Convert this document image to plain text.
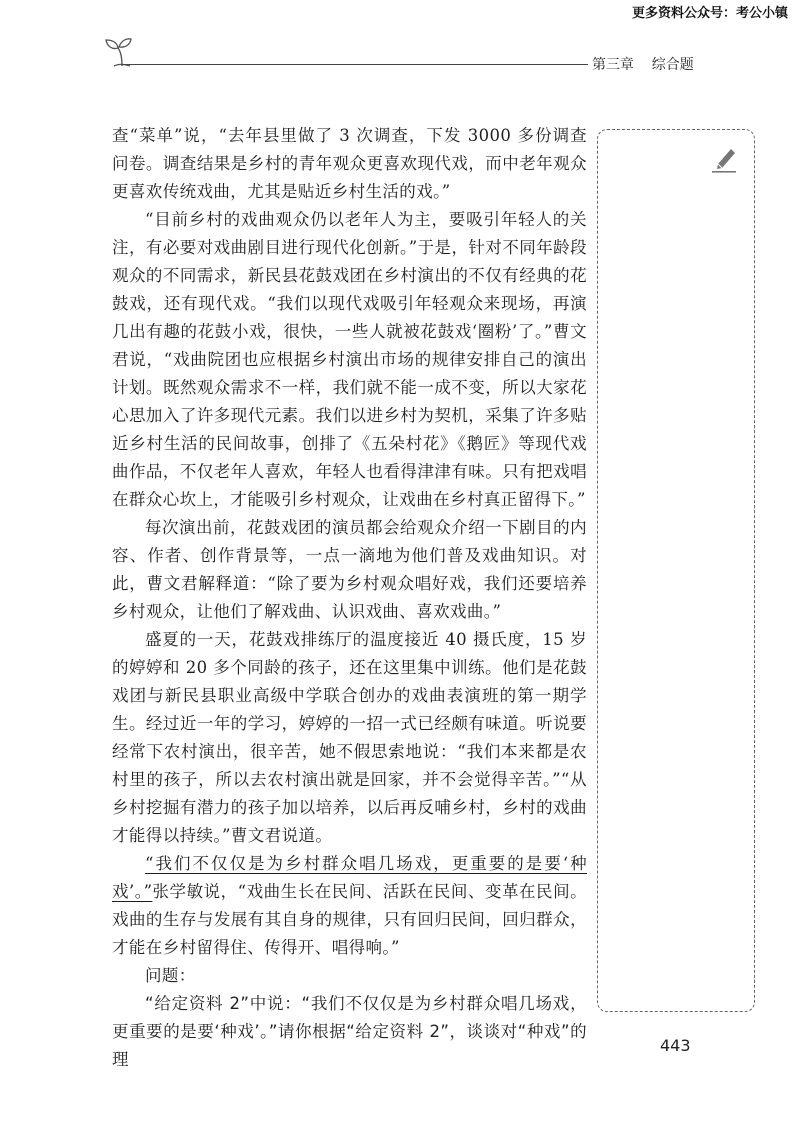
更多资料公众号：考公小镇
第三章    综合题

查“菜单”说，“去年县里做了 3 次调查，下发 3000 多份调查问卷。调查结果是乡村的青年观众更喜欢现代戏，而中老年观众更喜欢传统戏曲，尤其是贴近乡村生活的戏。”

“目前乡村的戏曲观众仍以老年人为主，要吸引年轻人的关注，有必要对戏曲剧目进行现代化创新。”于是，针对不同年龄段观众的不同需求，新民县花鼓戏团在乡村演出的不仅有经典的花鼓戏，还有现代戏。“我们以现代戏吸引年轻观众来现场，再演几出有趣的花鼓小戏，很快，一些人就被花鼓戏‘圈粉’了。”曹文君说，“戏曲院团也应根据乡村演出市场的规律安排自己的演出计划。既然观众需求不一样，我们就不能一成不变，所以大家花心思加入了许多现代元素。我们以进乡村为契机，采集了许多贴近乡村生活的民间故事，创排了《五朵村花》《鹅匠》等现代戏曲作品，不仅老年人喜欢，年轻人也看得津津有味。只有把戏唱在群众心坎上，才能吸引乡村观众，让戏曲在乡村真正留得下。”

每次演出前，花鼓戏团的演员都会给观众介绍一下剧目的内容、作者、创作背景等，一点一滴地为他们普及戏曲知识。对此，曹文君解释道：“除了要为乡村观众唱好戏，我们还要培养乡村观众，让他们了解戏曲、认识戏曲、喜欢戏曲。”

盛夏的一天，花鼓戏排练厅的温度接近 40 摄氏度，15 岁的婷婷和 20 多个同龄的孩子，还在这里集中训练。他们是花鼓戏团与新民县职业高级中学联合创办的戏曲表演班的第一期学生。经过近一年的学习，婷婷的一招一式已经颇有味道。听说要经常下农村演出，很辛苦，她不假思索地说：“我们本来都是农村里的孩子，所以去农村演出就是回家，并不会觉得辛苦。”“从乡村挖掘有潜力的孩子加以培养，以后再反哺乡村，乡村的戏曲才能得以持续。”曹文君说道。

“我们不仅仅是为乡村群众唱几场戏，更重要的是要‘种戏’。”张学敏说，“戏曲生长在民间、活跃在民间、变革在民间。戏曲的生存与发展有其自身的规律，只有回归民间，回归群众，才能在乡村留得住、传得开、唱得响。”

问题：

“给定资料 2”中说：“我们不仅仅是为乡村群众唱几场戏，更重要的是要‘种戏’。”请你根据“给定资料 2”，谈谈对“种戏”的理

443
